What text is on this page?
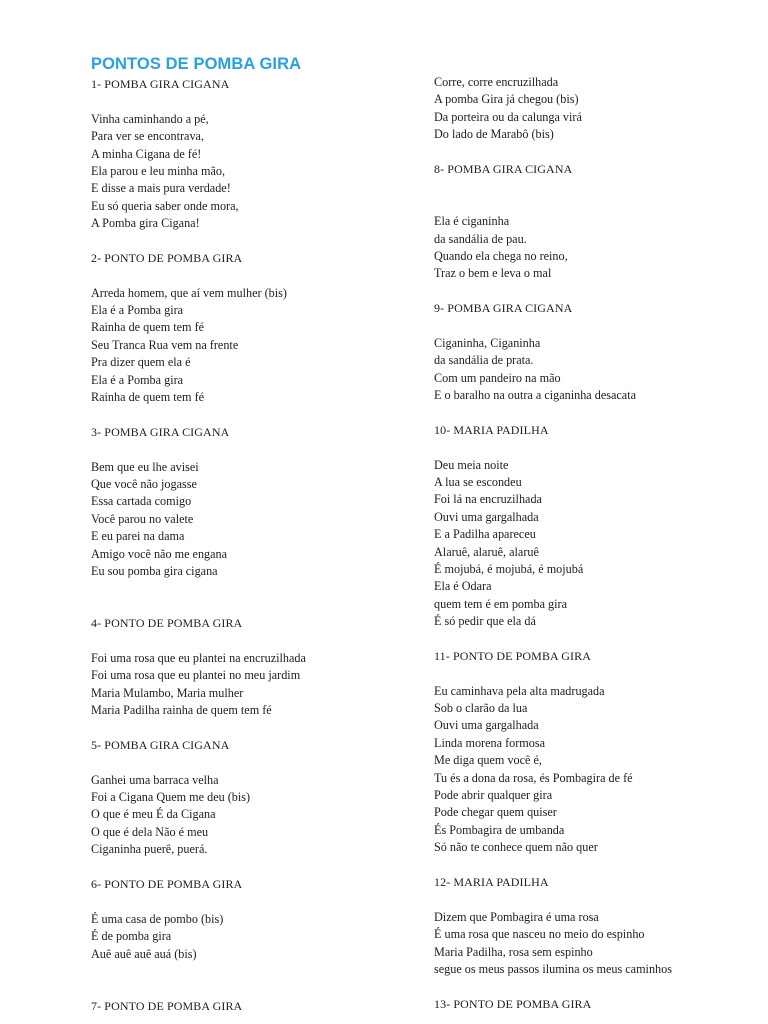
PONTOS DE POMBA GIRA
1- POMBA GIRA CIGANA
Vinha caminhando a pé,
Para ver se encontrava,
A minha Cigana de fé!
Ela parou e leu minha mão,
E disse a mais pura verdade!
Eu só queria saber onde mora,
A Pomba gira Cigana!
2- PONTO DE POMBA GIRA
Arreda homem, que aí vem mulher (bis)
Ela é a Pomba gira
Rainha de quem tem fé
Seu Tranca Rua vem na frente
Pra dizer quem ela é
Ela é a Pomba gira
Rainha de quem tem fé
3- POMBA GIRA CIGANA
Bem que eu lhe avisei
Que você não jogasse
Essa cartada comigo
Você parou no valete
E eu parei na dama
Amigo você não me engana
Eu sou pomba gira cigana
4- PONTO DE POMBA GIRA
Foi uma rosa que eu plantei na encruzilhada
Foi uma rosa que eu plantei no meu jardim
Maria Mulambo, Maria mulher
Maria Padilha rainha de quem tem fé
5- POMBA GIRA CIGANA
Ganhei uma barraca velha
Foi a Cigana Quem me deu (bis)
O que é meu É da Cigana
O que é dela Não é meu
Ciganinha puerê, puerá.
6- PONTO DE POMBA GIRA
É uma casa de pombo (bis)
É de pomba gira
Auê auê auê auá (bis)
7- PONTO DE POMBA GIRA
Corre, corre encruzilhada
A pomba Gira já chegou (bis)
Da porteira ou da calunga virá
Do lado de Marabô (bis)
8- POMBA GIRA CIGANA
Ela é ciganinha
da sandália de pau.
Quando ela chega no reino,
Traz o bem e leva o mal
9- POMBA GIRA CIGANA
Ciganinha, Ciganinha
da sandália de prata.
Com um pandeiro na mão
E o baralho na outra a ciganinha desacata
10- MARIA PADILHA
Deu meia noite
A lua se escondeu
Foi lá na encruzilhada
Ouvi uma gargalhada
E a Padilha apareceu
Alaruê, alaruê, alaruê
É mojubá, é mojubá, é mojubá
Ela é Odara
quem tem é em pomba gira
É só pedir que ela dá
11- PONTO DE POMBA GIRA
Eu caminhava pela alta madrugada
Sob o clarão da lua
Ouvi uma gargalhada
Linda morena formosa
Me diga quem você é,
Tu és a dona da rosa, és Pombagira de fé
Pode abrir qualquer gira
Pode chegar quem quiser
És Pombagira de umbanda
Só não te conhece quem não quer
12- MARIA PADILHA
Dizem que Pombagira é uma rosa
É uma rosa que nasceu no meio do espinho
Maria Padilha, rosa sem espinho
segue os meus passos ilumina os meus caminhos
13- PONTO DE POMBA GIRA
